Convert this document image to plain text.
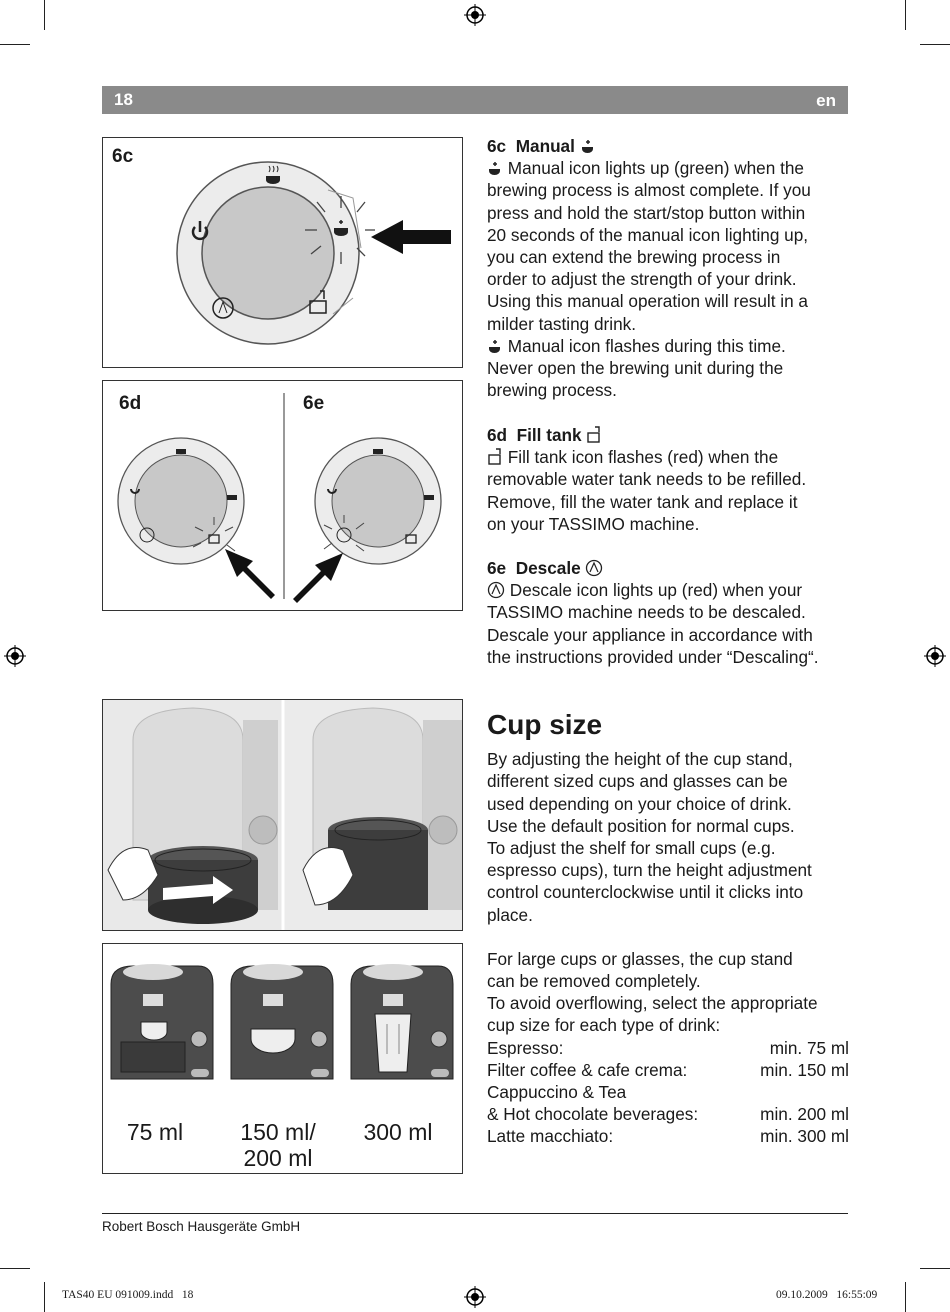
18	en
6c
6d	6e
75 ml	150 ml/
200 ml
300 ml
6c Manual

Manual icon lights up (green) when the
brewing process is almost complete. If you
press and hold the start/stop button within
20 seconds of the manual icon lighting up,
you can extend the brewing process in
order to adjust the strength of your drink.
Using this manual operation will result in a
milder tasting drink.
Manual icon flashes during this time.
Never open the brewing unit during the
brewing process.

6d Fill tank

Fill tank icon flashes (red) when the
removable water tank needs to be refilled.
Remove, fill the water tank and replace it
on your TASSIMO machine.

6e Descale

Descale icon lights up (red) when your
TASSIMO machine needs to be descaled.
Descale your appliance in accordance with
the instructions provided under “Descaling“.

Cup size

By adjusting the height of the cup stand,
different sized cups and glasses can be
used depending on your choice of drink.
Use the default position for normal cups.
To adjust the shelf for small cups (e.g.
espresso cups), turn the height adjustment
control counterclockwise until it clicks into
place.

For large cups or glasses, the cup stand
can be removed completely.
To avoid overflowing, select the appropriate
cup size for each type of drink:

Espresso:	min. 75 ml
Filter coffee & cafe crema:	min. 150 ml
Cappuccino & Tea
& Hot chocolate beverages:	min. 200 ml
Latte macchiato:	min. 300 ml
Robert Bosch Hausgeräte GmbH
TAS40 EU 091009.indd   18	09.10.2009   16:55:09
